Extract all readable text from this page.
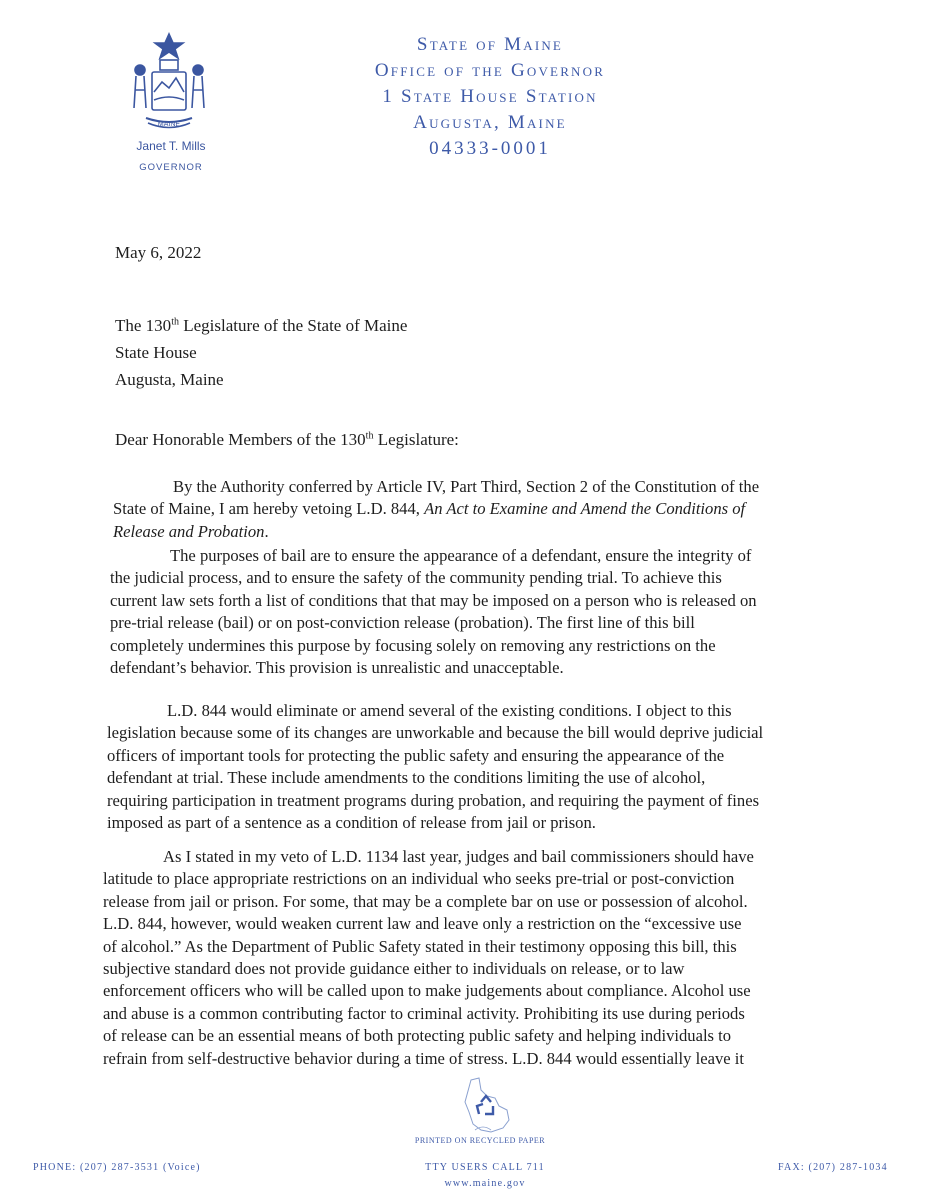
MAINE
Janet T. Mills
GOVERNOR
State of Maine
Office of the Governor
1 State House Station
Augusta, Maine
04333-0001
May 6, 2022
The 130th Legislature of the State of Maine
State House
Augusta, Maine
Dear Honorable Members of the 130th Legislature:
By the Authority conferred by Article IV, Part Third, Section 2 of the Constitution of the
State of Maine, I am hereby vetoing L.D. 844, An Act to Examine and Amend the Conditions of
Release and Probation.
The purposes of bail are to ensure the appearance of a defendant, ensure the integrity of
the judicial process, and to ensure the safety of the community pending trial. To achieve this
current law sets forth a list of conditions that that may be imposed on a person who is released on
pre-trial release (bail) or on post-conviction release (probation). The first line of this bill
completely undermines this purpose by focusing solely on removing any restrictions on the
defendant’s behavior. This provision is unrealistic and unacceptable.
L.D. 844 would eliminate or amend several of the existing conditions. I object to this
legislation because some of its changes are unworkable and because the bill would deprive judicial
officers of important tools for protecting the public safety and ensuring the appearance of the
defendant at trial. These include amendments to the conditions limiting the use of alcohol,
requiring participation in treatment programs during probation, and requiring the payment of fines
imposed as part of a sentence as a condition of release from jail or prison.
As I stated in my veto of L.D. 1134 last year, judges and bail commissioners should have
latitude to place appropriate restrictions on an individual who seeks pre-trial or post-conviction
release from jail or prison. For some, that may be a complete bar on use or possession of alcohol.
L.D. 844, however, would weaken current law and leave only a restriction on the “excessive use
of alcohol.” As the Department of Public Safety stated in their testimony opposing this bill, this
subjective standard does not provide guidance either to individuals on release, or to law
enforcement officers who will be called upon to make judgements about compliance. Alcohol use
and abuse is a common contributing factor to criminal activity. Prohibiting its use during periods
of release can be an essential means of both protecting public safety and helping individuals to
refrain from self-destructive behavior during a time of stress. L.D. 844 would essentially leave it
PRINTED ON RECYCLED PAPER
PHONE: (207) 287-3531 (Voice)	TTY USERS CALL 711
www.maine.gov
FAX: (207) 287-1034
